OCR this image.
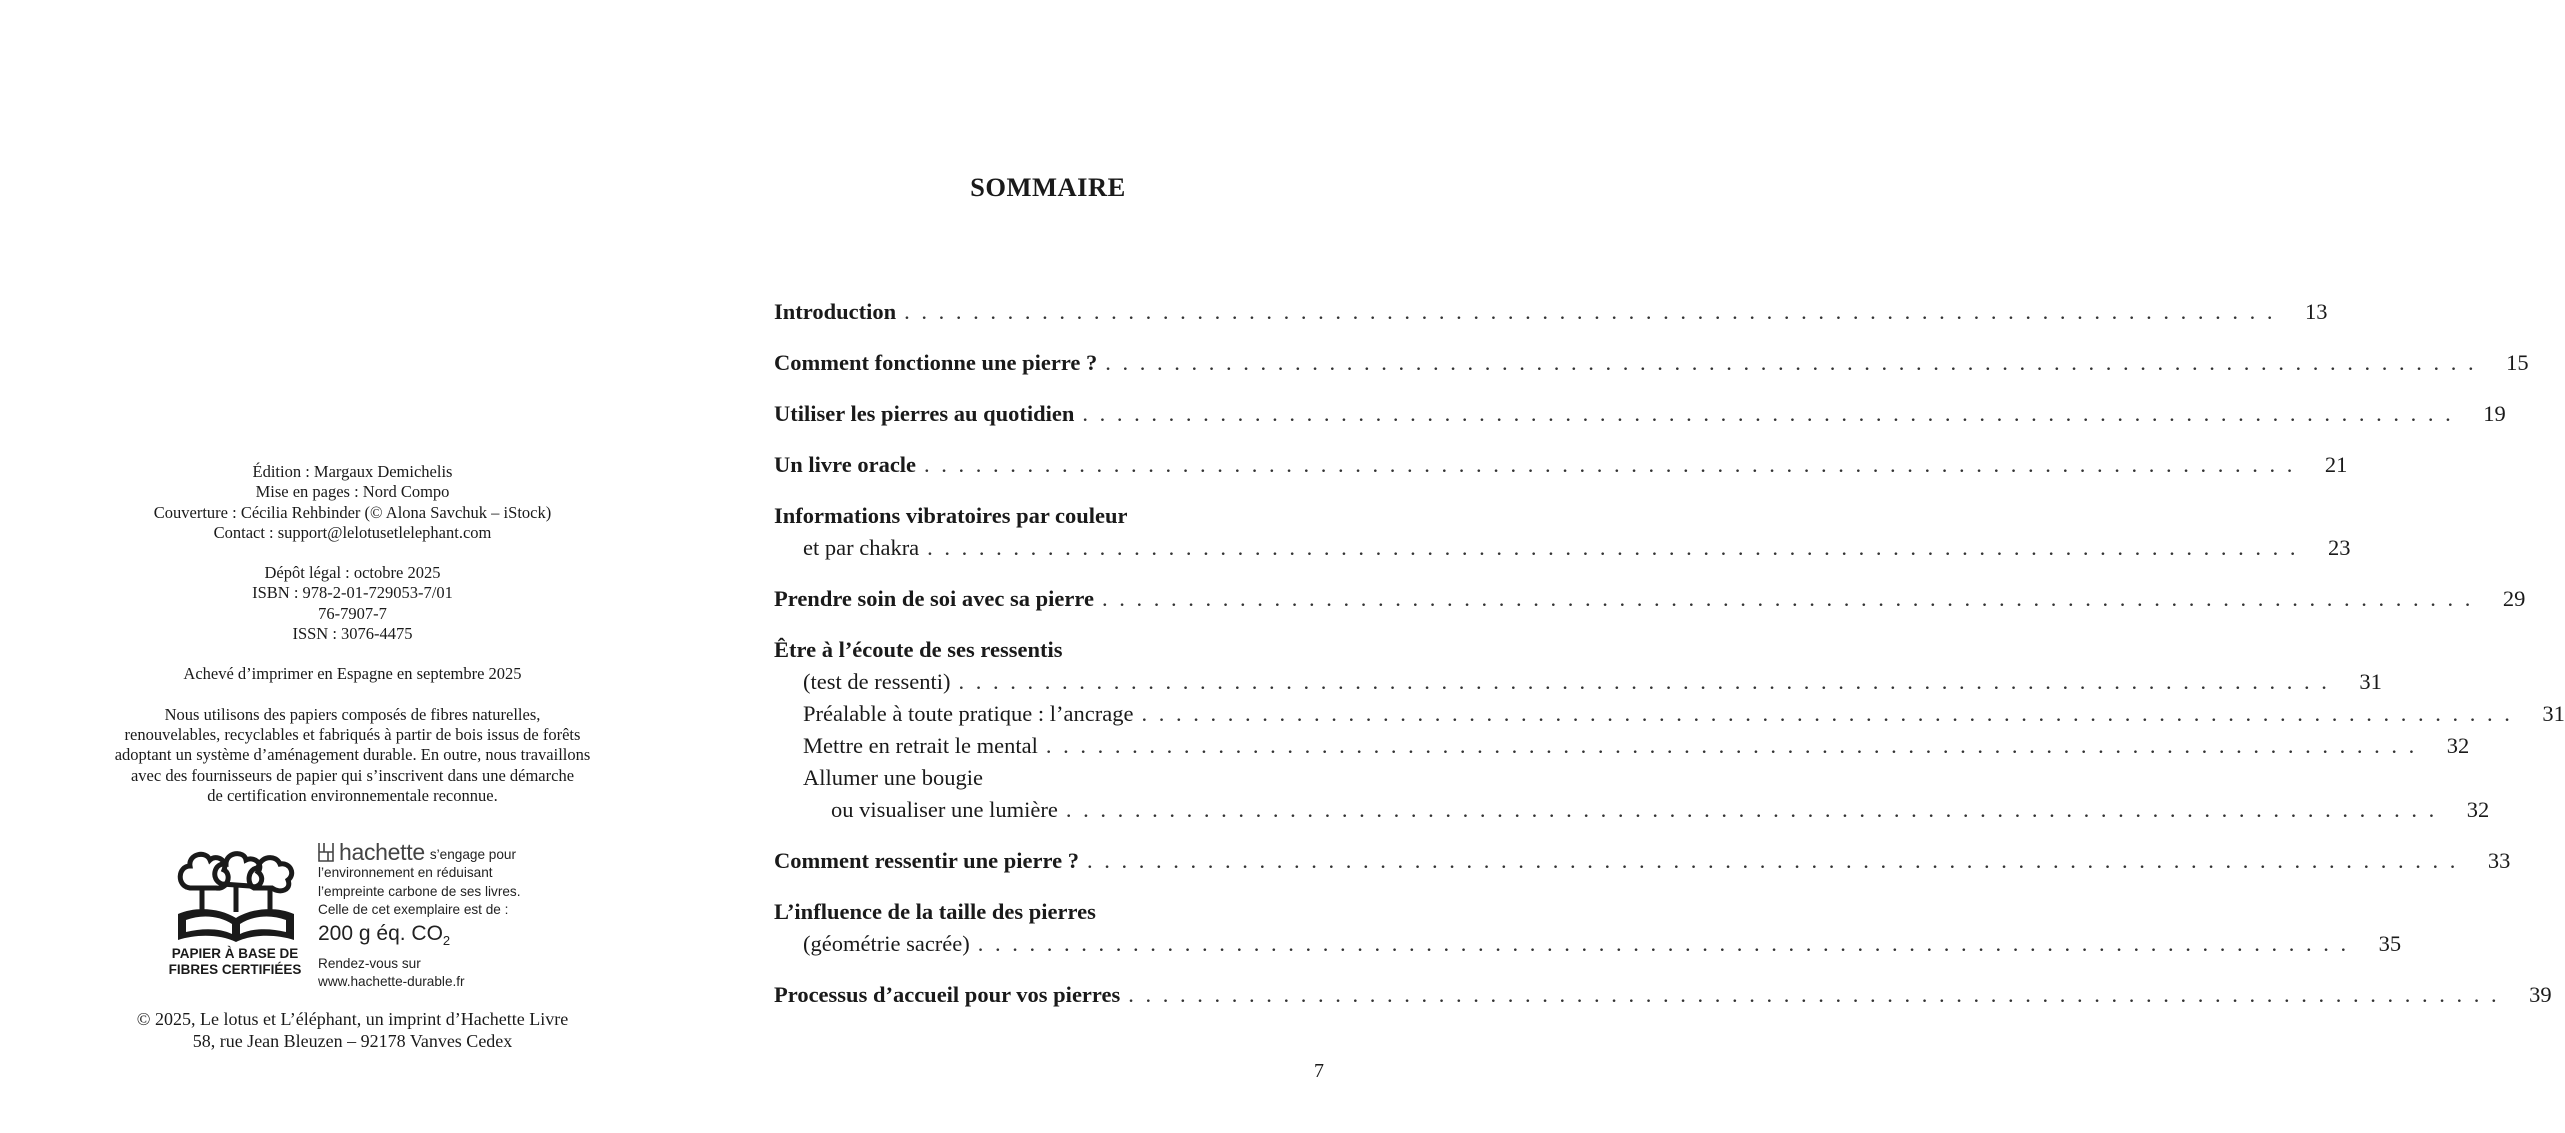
Édition : Margaux Demichelis
Mise en pages : Nord Compo
Couverture : Cécilia Rehbinder (© Alona Savchuk – iStock)
Contact : support@lelotusetlelephant.com
Dépôt légal : octobre 2025
ISBN : 978-2-01-729053-7/01
76-7907-7
ISSN : 3076-4475
Achevé d’imprimer en Espagne en septembre 2025
Nous utilisons des papiers composés de fibres naturelles,
renouvelables, recyclables et fabriqués à partir de bois issus de forêts
adoptant un système d’aménagement durable. En outre, nous travaillons
avec des fournisseurs de papier qui s’inscrivent dans une démarche
de certification environnementale reconnue.
PAPIER À BASE DE
FIBRES CERTIFIÉES
hachette s’engage pour
l’environnement en réduisant
l’empreinte carbone de ses livres.
Celle de cet exemplaire est de :
200 g éq. $CO_2$
Rendez-vous sur
www.hachette-durable.fr
© 2025, Le lotus et L’éléphant, un imprint d’Hachette Livre
58, rue Jean Bleuzen – 92178 Vanves Cedex
SOMMAIRE
Introduction . . . . . . . . . . . . . . . . . . . . . . . . . . . . . . . . . . . . . . . . . . . . . . . . . . . . . . . . . . . . . . . . . . . . . . . . . . . . . . . .	13
Comment fonctionne une pierre ? . . . . . . . . . . . . . . . . . . . . . . . . . . . . . . . . . . . . . . . . . . . . . . . . . . . . . . . . . . . . . . . . . . . . . . . . . . . . . . . .	15
Utiliser les pierres au quotidien . . . . . . . . . . . . . . . . . . . . . . . . . . . . . . . . . . . . . . . . . . . . . . . . . . . . . . . . . . . . . . . . . . . . . . . . . . . . . . . .	19
Un livre oracle . . . . . . . . . . . . . . . . . . . . . . . . . . . . . . . . . . . . . . . . . . . . . . . . . . . . . . . . . . . . . . . . . . . . . . . . . . . . . . . .	21
Informations vibratoires par couleur
et par chakra . . . . . . . . . . . . . . . . . . . . . . . . . . . . . . . . . . . . . . . . . . . . . . . . . . . . . . . . . . . . . . . . . . . . . . . . . . . . . . . .	23
Prendre soin de soi avec sa pierre . . . . . . . . . . . . . . . . . . . . . . . . . . . . . . . . . . . . . . . . . . . . . . . . . . . . . . . . . . . . . . . . . . . . . . . . . . . . . . . .	29
Être à l’écoute de ses ressentis
(test de ressenti) . . . . . . . . . . . . . . . . . . . . . . . . . . . . . . . . . . . . . . . . . . . . . . . . . . . . . . . . . . . . . . . . . . . . . . . . . . . . . . . .	31
Préalable à toute pratique : l’ancrage . . . . . . . . . . . . . . . . . . . . . . . . . . . . . . . . . . . . . . . . . . . . . . . . . . . . . . . . . . . . . . . . . . . . . . . . . . . . . . . .	31
Mettre en retrait le mental . . . . . . . . . . . . . . . . . . . . . . . . . . . . . . . . . . . . . . . . . . . . . . . . . . . . . . . . . . . . . . . . . . . . . . . . . . . . . . . .	32
Allumer une bougie
ou visualiser une lumière . . . . . . . . . . . . . . . . . . . . . . . . . . . . . . . . . . . . . . . . . . . . . . . . . . . . . . . . . . . . . . . . . . . . . . . . . . . . . . . .	32
Comment ressentir une pierre ? . . . . . . . . . . . . . . . . . . . . . . . . . . . . . . . . . . . . . . . . . . . . . . . . . . . . . . . . . . . . . . . . . . . . . . . . . . . . . . . .	33
L’influence de la taille des pierres
(géométrie sacrée) . . . . . . . . . . . . . . . . . . . . . . . . . . . . . . . . . . . . . . . . . . . . . . . . . . . . . . . . . . . . . . . . . . . . . . . . . . . . . . . .	35
Processus d’accueil pour vos pierres . . . . . . . . . . . . . . . . . . . . . . . . . . . . . . . . . . . . . . . . . . . . . . . . . . . . . . . . . . . . . . . . . . . . . . . . . . . . . . . .	39
7
